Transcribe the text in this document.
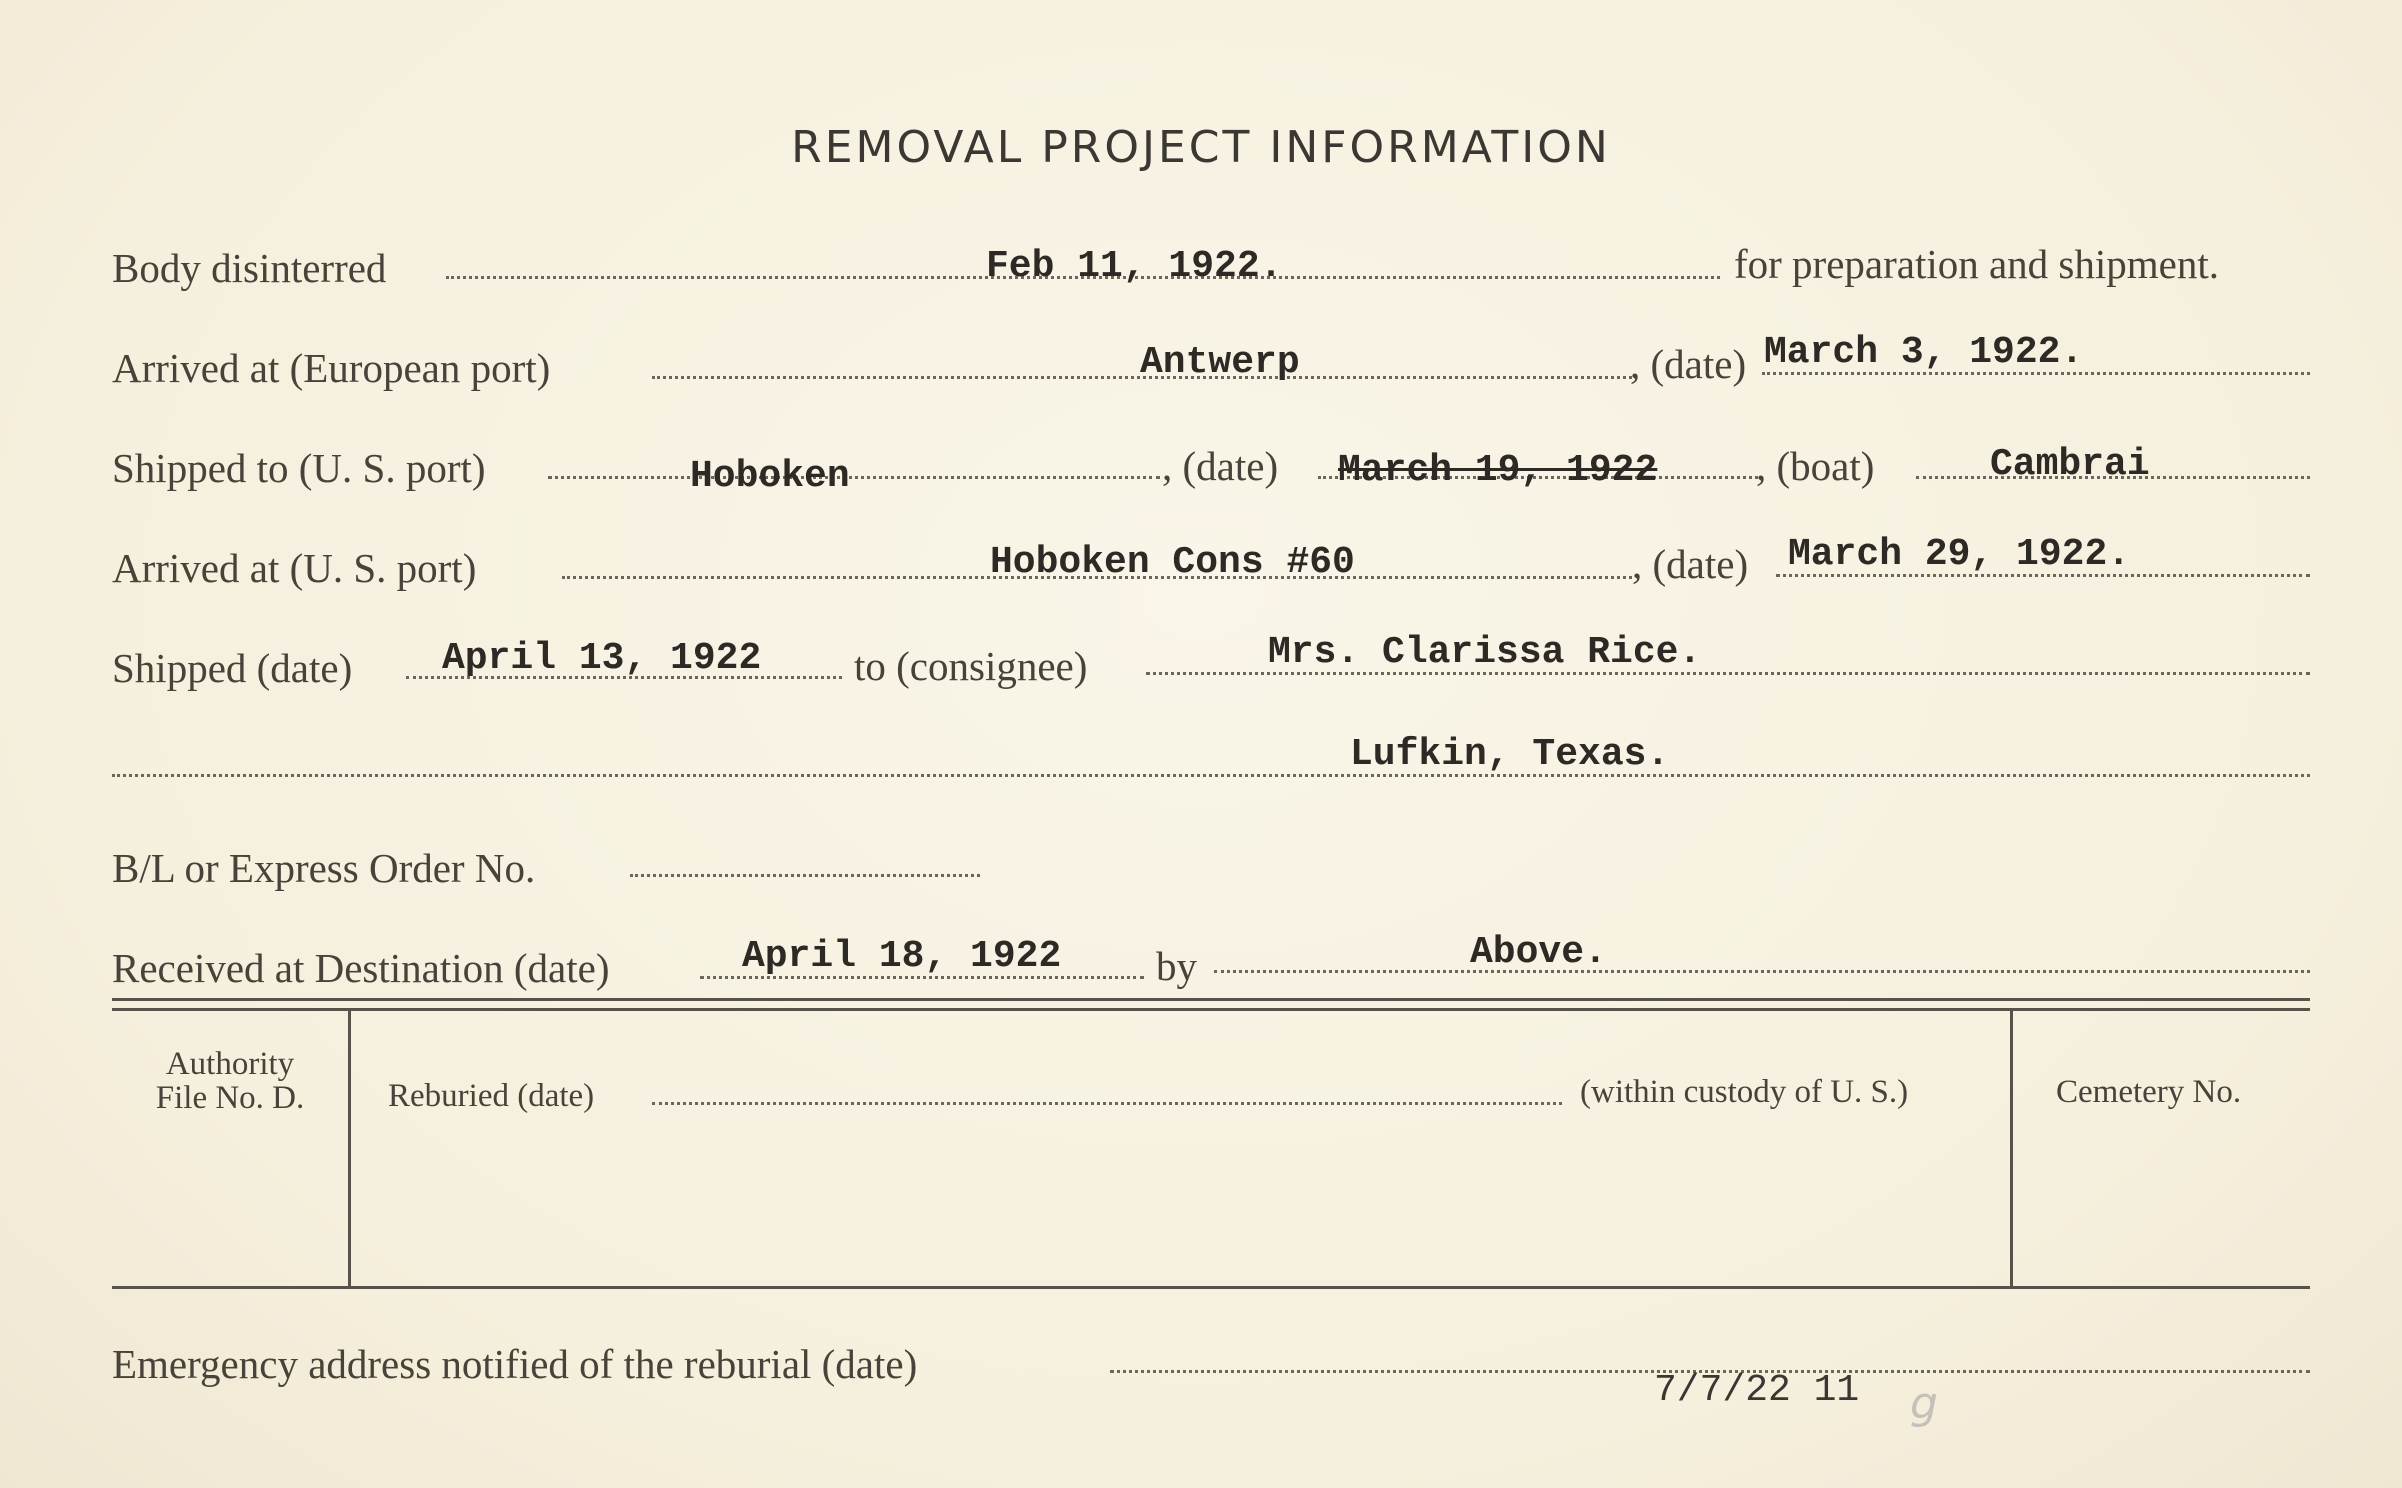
REMOVAL PROJECT INFORMATION
Body disinterred	Feb 11, 1922.	for preparation and shipment.
Arrived at (European port)	Antwerp	, (date) March 3, 1922.
Shipped to (U. S. port)	Hoboken	, (date) March 19, 1922 , (boat)	Cambrai
Arrived at (U. S. port)	Hoboken Cons #60	, (date) March 29, 1922.
Shipped (date) April 13, 1922 to (consignee)	Mrs. Clarissa Rice.
Lufkin, Texas.
B/L or Express Order No.
Received at Destination (date)	April 18, 1922 by	Above.
Authority
File No. D.	Reburied (date)	(within custody of U. S.)	Cemetery No.
Emergency address notified of the reburial (date)
7/7/22 11 g
